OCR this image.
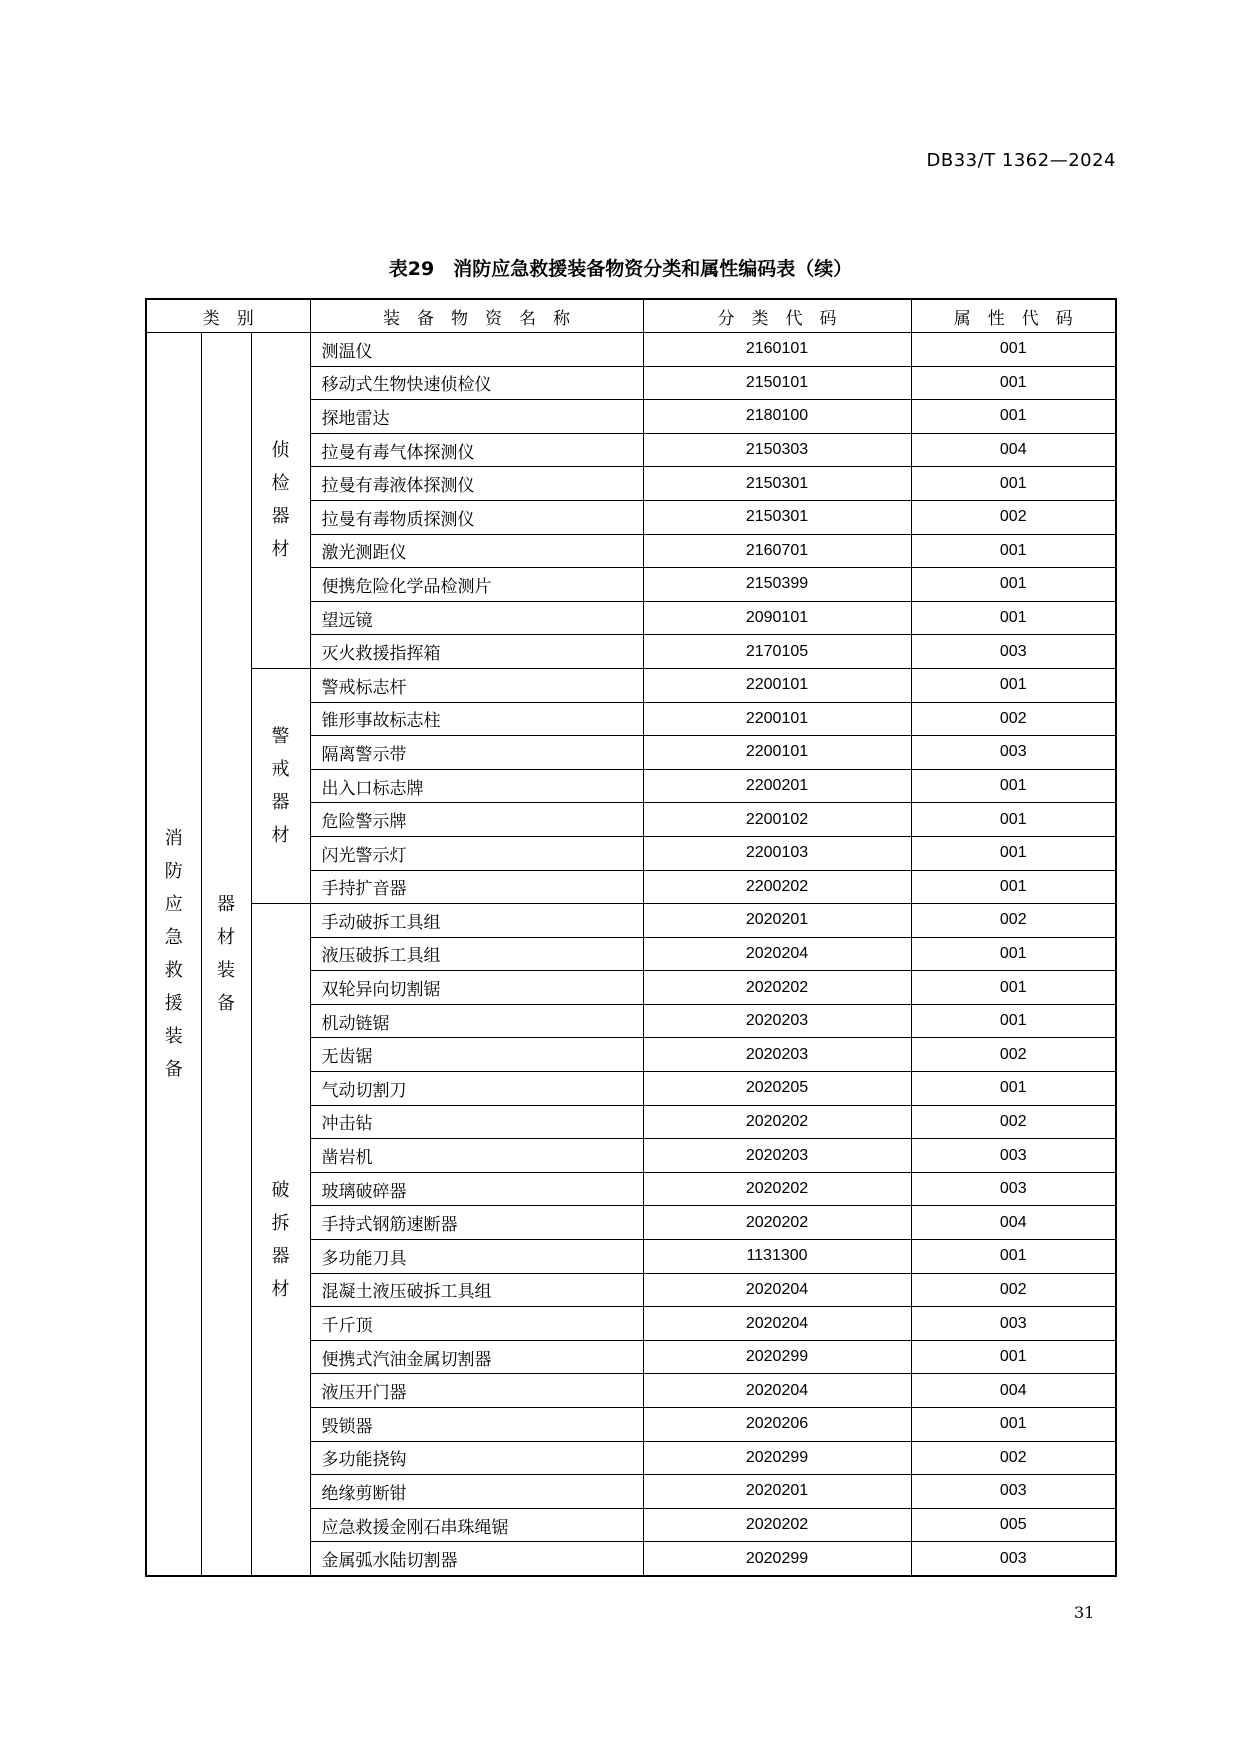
DB33/T 1362—2024
表29　消防应急救援装备物资分类和属性编码表（续）
类　别			装　备　物　资　名　称	分　类　代　码	属　性　代　码
消防应急救援装备	器材装备	侦检器材	测温仪	2160101	001
			移动式生物快速侦检仪	2150101	001
			探地雷达	2180100	001
			拉曼有毒气体探测仪	2150303	004
			拉曼有毒液体探测仪	2150301	001
			拉曼有毒物质探测仪	2150301	002
			激光测距仪	2160701	001
			便携危险化学品检测片	2150399	001
			望远镜	2090101	001
			灭火救援指挥箱	2170105	003
		警戒器材	警戒标志杆	2200101	001
			锥形事故标志柱	2200101	002
			隔离警示带	2200101	003
			出入口标志牌	2200201	001
			危险警示牌	2200102	001
			闪光警示灯	2200103	001
			手持扩音器	2200202	001
		破拆器材	手动破拆工具组	2020201	002
			液压破拆工具组	2020204	001
			双轮异向切割锯	2020202	001
			机动链锯	2020203	001
			无齿锯	2020203	002
			气动切割刀	2020205	001
			冲击钻	2020202	002
			凿岩机	2020203	003
			玻璃破碎器	2020202	003
			手持式钢筋速断器	2020202	004
			多功能刀具	1131300	001
			混凝土液压破拆工具组	2020204	002
			千斤顶	2020204	003
			便携式汽油金属切割器	2020299	001
			液压开门器	2020204	004
			毁锁器	2020206	001
			多功能挠钩	2020299	002
			绝缘剪断钳	2020201	003
			应急救援金刚石串珠绳锯	2020202	005
			金属弧水陆切割器	2020299	003
31
